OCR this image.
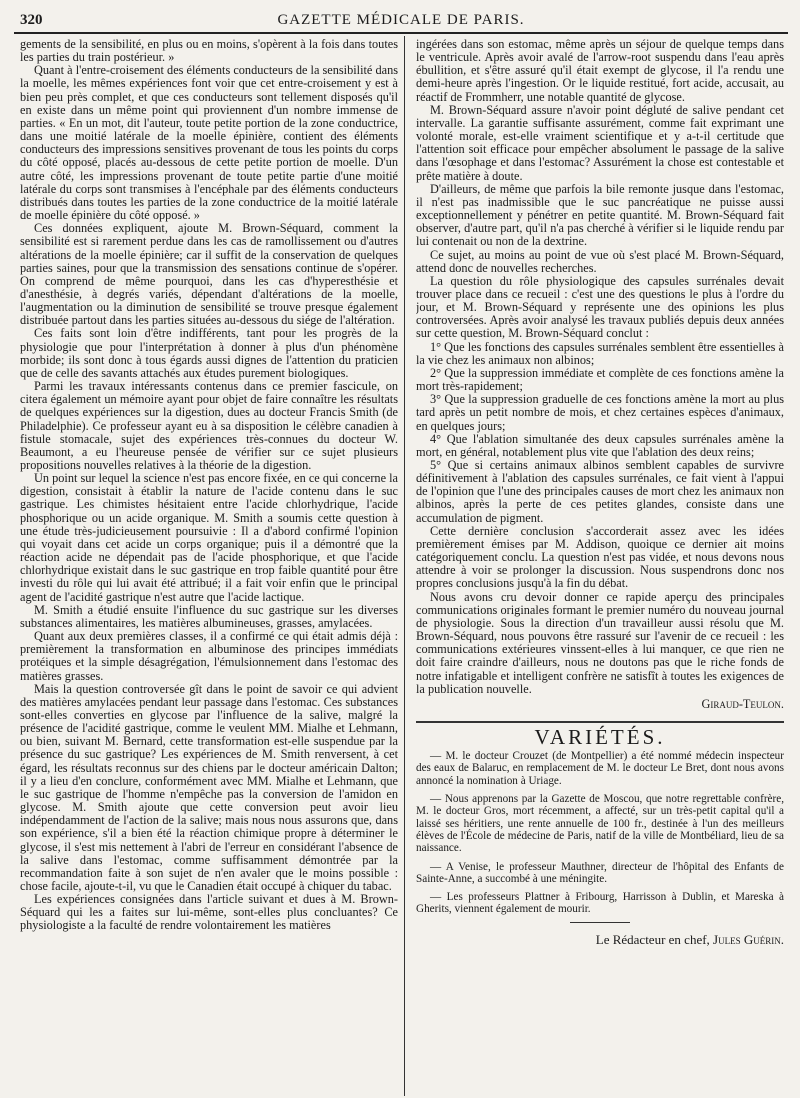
320	GAZETTE MÉDICALE DE PARIS.

gements de la sensibilité, en plus ou en moins, s'opèrent à la fois dans toutes les parties du train postérieur. »

Quant à l'entre-croisement des éléments conducteurs de la sensibilité dans la moelle, les mêmes expériences font voir que cet entre-croisement y est à bien peu près complet, et que ces conducteurs sont tellement disposés qu'il en existe dans un même point qui proviennent d'un nombre immense de parties. « En un mot, dit l'auteur, toute petite portion de la zone conductrice, dans une moitié latérale de la moelle épinière, contient des éléments conducteurs des impressions sensitives provenant de tous les points du corps du côté opposé, placés au-dessous de cette petite portion de moelle. D'un autre côté, les impressions provenant de toute petite partie d'une moitié latérale du corps sont transmises à l'encéphale par des éléments conducteurs distribués dans toutes les parties de la zone conductrice de la moitié latérale de moelle épinière du côté opposé. »

Ces données expliquent, ajoute M. Brown-Séquard, comment la sensibilité est si rarement perdue dans les cas de ramollissement ou d'autres altérations de la moelle épinière; car il suffit de la conservation de quelques parties saines, pour que la transmission des sensations continue de s'opérer. On comprend de même pourquoi, dans les cas d'hyperesthésie et d'anesthésie, à degrés variés, dépendant d'altérations de la moelle, l'augmentation ou la diminution de sensibilité se trouve presque également distribuée partout dans les parties situées au-dessous du siége de l'altération.

Ces faits sont loin d'être indifférents, tant pour les progrès de la physiologie que pour l'interprétation à donner à plus d'un phénomène morbide; ils sont donc à tous égards aussi dignes de l'attention du praticien que de celle des savants attachés aux études purement biologiques.

Parmi les travaux intéressants contenus dans ce premier fascicule, on citera également un mémoire ayant pour objet de faire connaître les résultats de quelques expériences sur la digestion, dues au docteur Francis Smith (de Philadelphie). Ce professeur ayant eu à sa disposition le célèbre canadien à fistule stomacale, sujet des expériences très-connues du docteur W. Beaumont, a eu l'heureuse pensée de vérifier sur ce sujet plusieurs propositions nouvelles relatives à la théorie de la digestion.

Un point sur lequel la science n'est pas encore fixée, en ce qui concerne la digestion, consistait à établir la nature de l'acide contenu dans le suc gastrique. Les chimistes hésitaient entre l'acide chlorhydrique, l'acide phosphorique ou un acide organique. M. Smith a soumis cette question à une étude très-judicieusement poursuivie : Il a d'abord confirmé l'opinion qui voyait dans cet acide un corps organique; puis il a démontré que la réaction acide ne dépendait pas de l'acide phosphorique, et que l'acide chlorhydrique existait dans le suc gastrique en trop faible quantité pour être investi du rôle qui lui avait été attribué; il a fait voir enfin que le principal agent de l'acidité gastrique n'est autre que l'acide lactique.

M. Smith a étudié ensuite l'influence du suc gastrique sur les diverses substances alimentaires, les matières albumineuses, grasses, amylacées.

Quant aux deux premières classes, il a confirmé ce qui était admis déjà : premièrement la transformation en albuminose des principes immédiats protéiques et la simple désagrégation, l'émulsionnement dans l'estomac des matières grasses.

Mais la question controversée gît dans le point de savoir ce qui advient des matières amylacées pendant leur passage dans l'estomac. Ces substances sont-elles converties en glycose par l'influence de la salive, malgré la présence de l'acidité gastrique, comme le veulent MM. Mialhe et Lehmann, ou bien, suivant M. Bernard, cette transformation est-elle suspendue par la présence du suc gastrique? Les expériences de M. Smith renversent, à cet égard, les résultats reconnus sur des chiens par le docteur américain Dalton; il y a lieu d'en conclure, conformément avec MM. Mialhe et Lehmann, que le suc gastrique de l'homme n'empêche pas la conversion de l'amidon en glycose. M. Smith ajoute que cette conversion peut avoir lieu indépendamment de l'action de la salive; mais nous nous assurons que, dans son expérience, s'il a bien été la réaction chimique propre à déterminer le glycose, il s'est mis nettement à l'abri de l'erreur en considérant l'absence de la salive dans l'estomac, comme suffisamment démontrée par la recommandation faite à son sujet de n'en avaler que le moins possible : chose facile, ajoute-t-il, vu que le Canadien était occupé à chiquer du tabac.

Les expériences consignées dans l'article suivant et dues à M. Brown-Séquard qui les a faites sur lui-même, sont-elles plus concluantes? Ce physiologiste a la faculté de rendre volontairement les matières

ingérées dans son estomac, même après un séjour de quelque temps dans le ventricule. Après avoir avalé de l'arrow-root suspendu dans l'eau après ébullition, et s'être assuré qu'il était exempt de glycose, il l'a rendu une demi-heure après l'ingestion. Or le liquide restitué, fort acide, accusait, au réactif de Frommherr, une notable quantité de glycose.

M. Brown-Séquard assure n'avoir point dégluté de salive pendant cet intervalle. La garantie suffisante assurément, comme fait exprimant une volonté morale, est-elle vraiment scientifique et y a-t-il certitude que l'attention soit efficace pour empêcher absolument le passage de la salive dans l'œsophage et dans l'estomac? Assurément la chose est contestable et prête matière à doute.

D'ailleurs, de même que parfois la bile remonte jusque dans l'estomac, il n'est pas inadmissible que le suc pancréatique ne puisse aussi exceptionnellement y pénétrer en petite quantité. M. Brown-Séquard fait observer, d'autre part, qu'il n'a pas cherché à vérifier si le liquide rendu par lui contenait ou non de la dextrine.

Ce sujet, au moins au point de vue où s'est placé M. Brown-Séquard, attend donc de nouvelles recherches.

La question du rôle physiologique des capsules surrénales devait trouver place dans ce recueil : c'est une des questions le plus à l'ordre du jour, et M. Brown-Séquard y représente une des opinions les plus controversées. Après avoir analysé les travaux publiés depuis deux années sur cette question, M. Brown-Séquard conclut :

1° Que les fonctions des capsules surrénales semblent être essentielles à la vie chez les animaux non albinos;

2° Que la suppression immédiate et complète de ces fonctions amène la mort très-rapidement;

3° Que la suppression graduelle de ces fonctions amène la mort au plus tard après un petit nombre de mois, et chez certaines espèces d'animaux, en quelques jours;

4° Que l'ablation simultanée des deux capsules surrénales amène la mort, en général, notablement plus vite que l'ablation des deux reins;

5° Que si certains animaux albinos semblent capables de survivre définitivement à l'ablation des capsules surrénales, ce fait vient à l'appui de l'opinion que l'une des principales causes de mort chez les animaux non albinos, après la perte de ces petites glandes, consiste dans une accumulation de pigment.

Cette dernière conclusion s'accorderait assez avec les idées premièrement émises par M. Addison, quoique ce dernier ait moins catégoriquement conclu. La question n'est pas vidée, et nous devons nous attendre à voir se prolonger la discussion. Nous suspendrons donc nos propres conclusions jusqu'à la fin du débat.

Nous avons cru devoir donner ce rapide aperçu des principales communications originales formant le premier numéro du nouveau journal de physiologie. Sous la direction d'un travailleur aussi résolu que M. Brown-Séquard, nous pouvons être rassuré sur l'avenir de ce recueil : les communications extérieures vinssent-elles à lui manquer, ce que rien ne doit faire craindre d'ailleurs, nous ne doutons pas que le riche fonds de notre infatigable et intelligent confrère ne satisfît à toutes les exigences de la publication nouvelle.

Giraud-Teulon.
VARIÉTÉS.

— M. le docteur Crouzet (de Montpellier) a été nommé médecin inspecteur des eaux de Balaruc, en remplacement de M. le docteur Le Bret, dont nous avons annoncé la nomination à Uriage.

— Nous apprenons par la Gazette de Moscou, que notre regrettable confrère, M. le docteur Gros, mort récemment, a affecté, sur un très-petit capital qu'il a laissé ses héritiers, une rente annuelle de 100 fr., destinée à l'un des meilleurs élèves de l'École de médecine de Paris, natif de la ville de Montbéliard, lieu de sa naissance.

— A Venise, le professeur Mauthner, directeur de l'hôpital des Enfants de Sainte-Anne, a succombé à une méningite.

— Les professeurs Plattner à Fribourg, Harrisson à Dublin, et Mareska à Gherits, viennent également de mourir.

Le Rédacteur en chef, Jules Guérin.
